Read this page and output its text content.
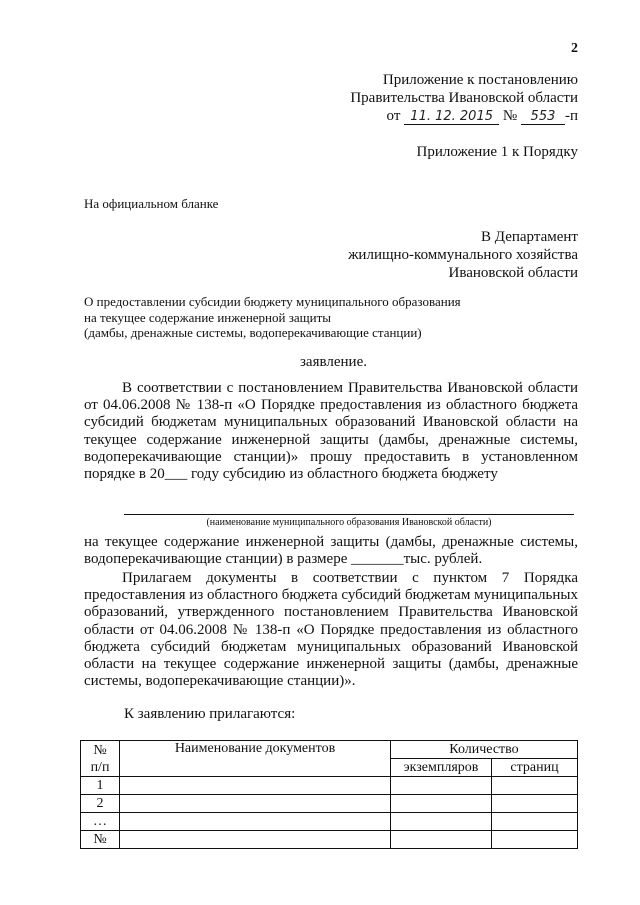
2
Приложение к постановлению
Правительства Ивановской области
от 11. 12. 2015 № 553 -п
Приложение 1 к Порядку
На официальном бланке
В Департамент
жилищно-коммунального хозяйства
Ивановской области
О предоставлении субсидии бюджету муниципального образования
на текущее содержание инженерной защиты
(дамбы, дренажные системы, водоперекачивающие станции)
заявление.

В соответствии с постановлением Правительства Ивановской области от 04.06.2008 № 138-п «О Порядке предоставления из областного бюджета субсидий бюджетам муниципальных образований Ивановской области на текущее содержание инженерной защиты (дамбы, дренажные системы, водоперекачивающие станции)» прошу предоставить в установленном порядке в 20___ году субсидию из областного бюджета бюджету

(наименование муниципального образования Ивановской области)

на текущее содержание инженерной защиты (дамбы, дренажные системы, водоперекачивающие станции) в размере _______тыс. рублей.

Прилагаем документы в соответствии с пунктом 7 Порядка предоставления из областного бюджета субсидий бюджетам муниципальных образований, утвержденного постановлением Правительства Ивановской области от 04.06.2008 № 138-п «О Порядке предоставления из областного бюджета субсидий бюджетам муниципальных образований Ивановской области на текущее содержание инженерной защиты (дамбы, дренажные системы, водоперекачивающие станции)».

К заявлению прилагаются:
№
п/п	Наименование документов	Количество	
		экземпляров	страниц
1			
2			
…			
№			
